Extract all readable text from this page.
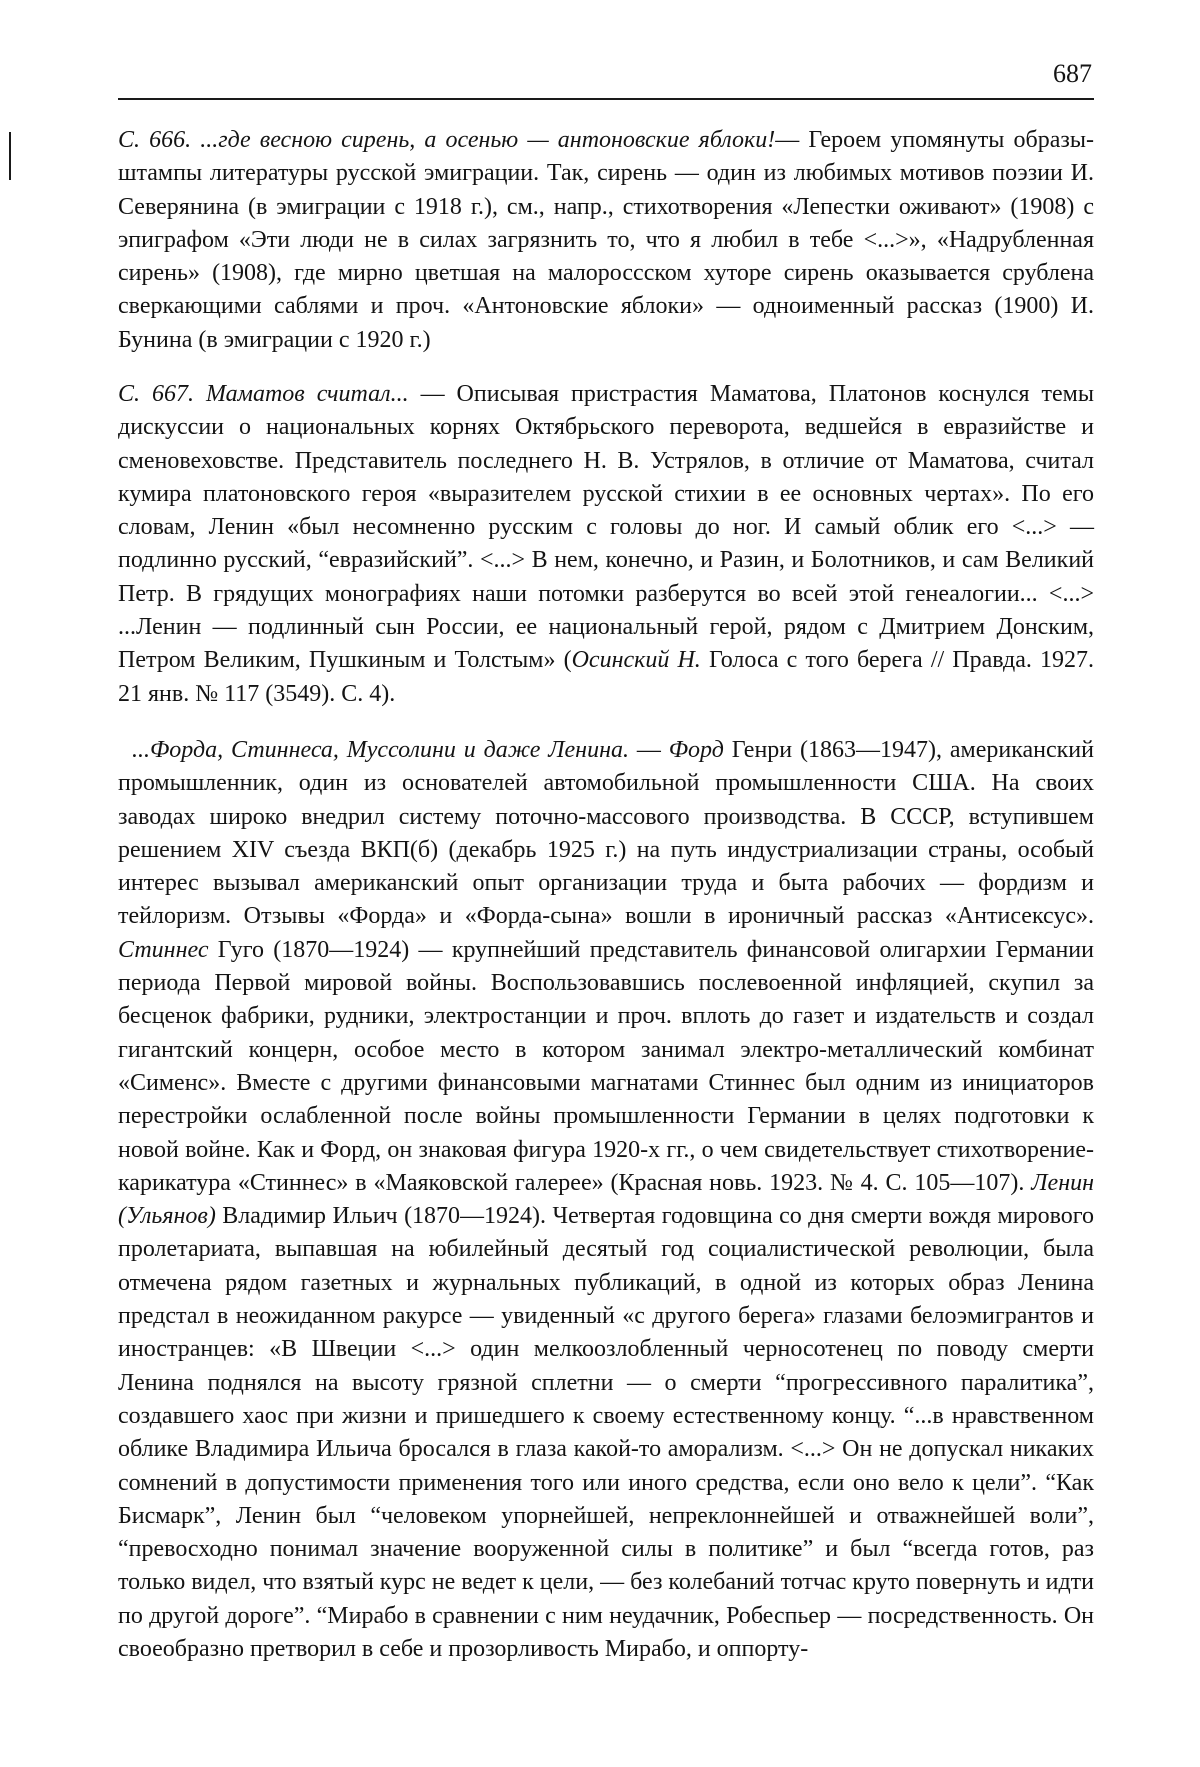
687
С. 666. ...где весною сирень, а осенью — антоновские яблоки!— Героем упомянуты образы-штампы литературы русской эмиграции. Так, сирень — один из любимых мотивов поэзии И. Северянина (в эмиграции с 1918 г.), см., напр., стихотворения «Лепестки оживают» (1908) с эпиграфом «Эти люди не в силах загрязнить то, что я любил в тебе <...>», «Надрубленная сирень» (1908), где мирно цветшая на малороссском хуторе сирень оказывается срублена сверкающими саблями и проч. «Антоновские яблоки» — одноименный рассказ (1900) И. Бунина (в эмиграции с 1920 г.)
С. 667. Маматов считал... — Описывая пристрастия Маматова, Платонов коснулся темы дискуссии о национальных корнях Октябрьского переворота, ведшейся в евразийстве и сменовеховстве. Представитель последнего Н. В. Устрялов, в отличие от Маматова, считал кумира платоновского героя «выразителем русской стихии в ее основных чертах». По его словам, Ленин «был несомненно русским с головы до ног. И самый облик его <...> — подлинно русский, “евразийский”. <...> В нем, конечно, и Разин, и Болотников, и сам Великий Петр. В грядущих монографиях наши потомки разберутся во всей этой генеалогии... <...> ...Ленин — подлинный сын России, ее национальный герой, рядом с Дмитрием Донским, Петром Великим, Пушкиным и Толстым» (Осинский Н. Голоса с того берега // Правда. 1927. 21 янв. № 117 (3549). С. 4).
...Форда, Стиннеса, Муссолини и даже Ленина. — Форд Генри (1863—1947), американский промышленник, один из основателей автомобильной промышленности США. На своих заводах широко внедрил систему поточно-массового производства. В СССР, вступившем решением XIV съезда ВКП(б) (декабрь 1925 г.) на путь индустриализации страны, особый интерес вызывал американский опыт организации труда и быта рабочих — фордизм и тейлоризм. Отзывы «Форда» и «Форда-сына» вошли в ироничный рассказ «Антисексус». Стиннес Гуго (1870—1924) — крупнейший представитель финансовой олигархии Германии периода Первой мировой войны. Воспользовавшись послевоенной инфляцией, скупил за бесценок фабрики, рудники, электростанции и проч. вплоть до газет и издательств и создал гигантский концерн, особое место в котором занимал электро-металлический комбинат «Сименс». Вместе с другими финансовыми магнатами Стиннес был одним из инициаторов перестройки ослабленной после войны промышленности Германии в целях подготовки к новой войне. Как и Форд, он знаковая фигура 1920-х гг., о чем свидетельствует стихотворение-карикатура «Стиннес» в «Маяковской галерее» (Красная новь. 1923. № 4. С. 105—107). Ленин (Ульянов) Владимир Ильич (1870—1924). Четвертая годовщина со дня смерти вождя мирового пролетариата, выпавшая на юбилейный десятый год социалистической революции, была отмечена рядом газетных и журнальных публикаций, в одной из которых образ Ленина предстал в неожиданном ракурсе — увиденный «с другого берега» глазами белоэмигрантов и иностранцев: «В Швеции <...> один мелкоозлобленный черносотенец по поводу смерти Ленина поднялся на высоту грязной сплетни — о смерти “прогрессивного паралитика”, создавшего хаос при жизни и пришедшего к своему естественному концу. “...в нравственном облике Владимира Ильича бросался в глаза какой-то аморализм. <...> Он не допускал никаких сомнений в допустимости применения того или иного средства, если оно вело к цели”. “Как Бисмарк”, Ленин был “человеком упорнейшей, непреклоннейшей и отважнейшей воли”, “превосходно понимал значение вооруженной силы в политике” и был “всегда готов, раз только видел, что взятый курс не ведет к цели, — без колебаний тотчас круто повернуть и идти по другой дороге”. “Мирабо в сравнении с ним неудачник, Робеспьер — посредственность. Он своеобразно претворил в себе и прозорливость Мирабо, и оппорту-
